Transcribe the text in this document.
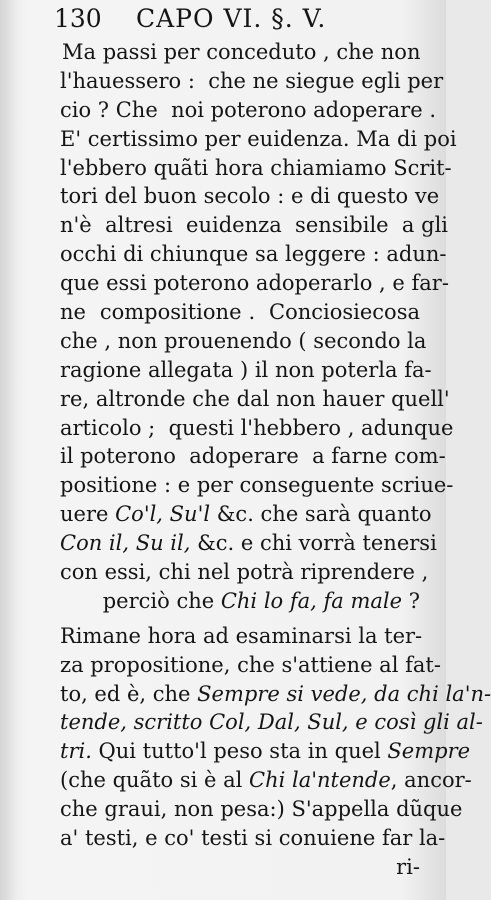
130 CAPO VI. §. V.
Ma passi per conceduto , che non
l'hauessero :  che ne siegue egli per
cio ? Che  noi poterono adoperare .
E' certissimo per euidenza. Ma di poi
l'ebbero quãti hora chiamiamo Scrit-
tori del buon secolo : e di questo ve
n'è  altresi  euidenza  sensibile  a gli
occhi di chiunque sa leggere : adun-
que essi poterono adoperarlo , e far-
ne  compositione .  Conciosiecosa
che , non prouenendo ( secondo la
ragione allegata ) il non poterla fa-
re, altronde che dal non hauer quell'
articolo ;  questi l'hebbero , adunque
il poterono  adoperare  a farne com-
positione : e per conseguente scriue-
uere Co'l, Su'l &c. che sarà quanto
Con il, Su il, &c. e chi vorrà tenersi
con essi, chi nel potrà riprendere ,
perciò che Chi lo fa, fa male ?
Rimane hora ad esaminarsi la ter-
za propositione, che s'attiene al fat-
to, ed è, che Sempre si vede, da chi la'n-
tende, scritto Col, Dal, Sul, e così gli al-
tri. Qui tutto'l peso sta in quel Sempre
(che quãto si è al Chi la'ntende, ancor-
che graui, non pesa:) S'appella dũque
a' testi, e co' testi si conuiene far la-
ri-
